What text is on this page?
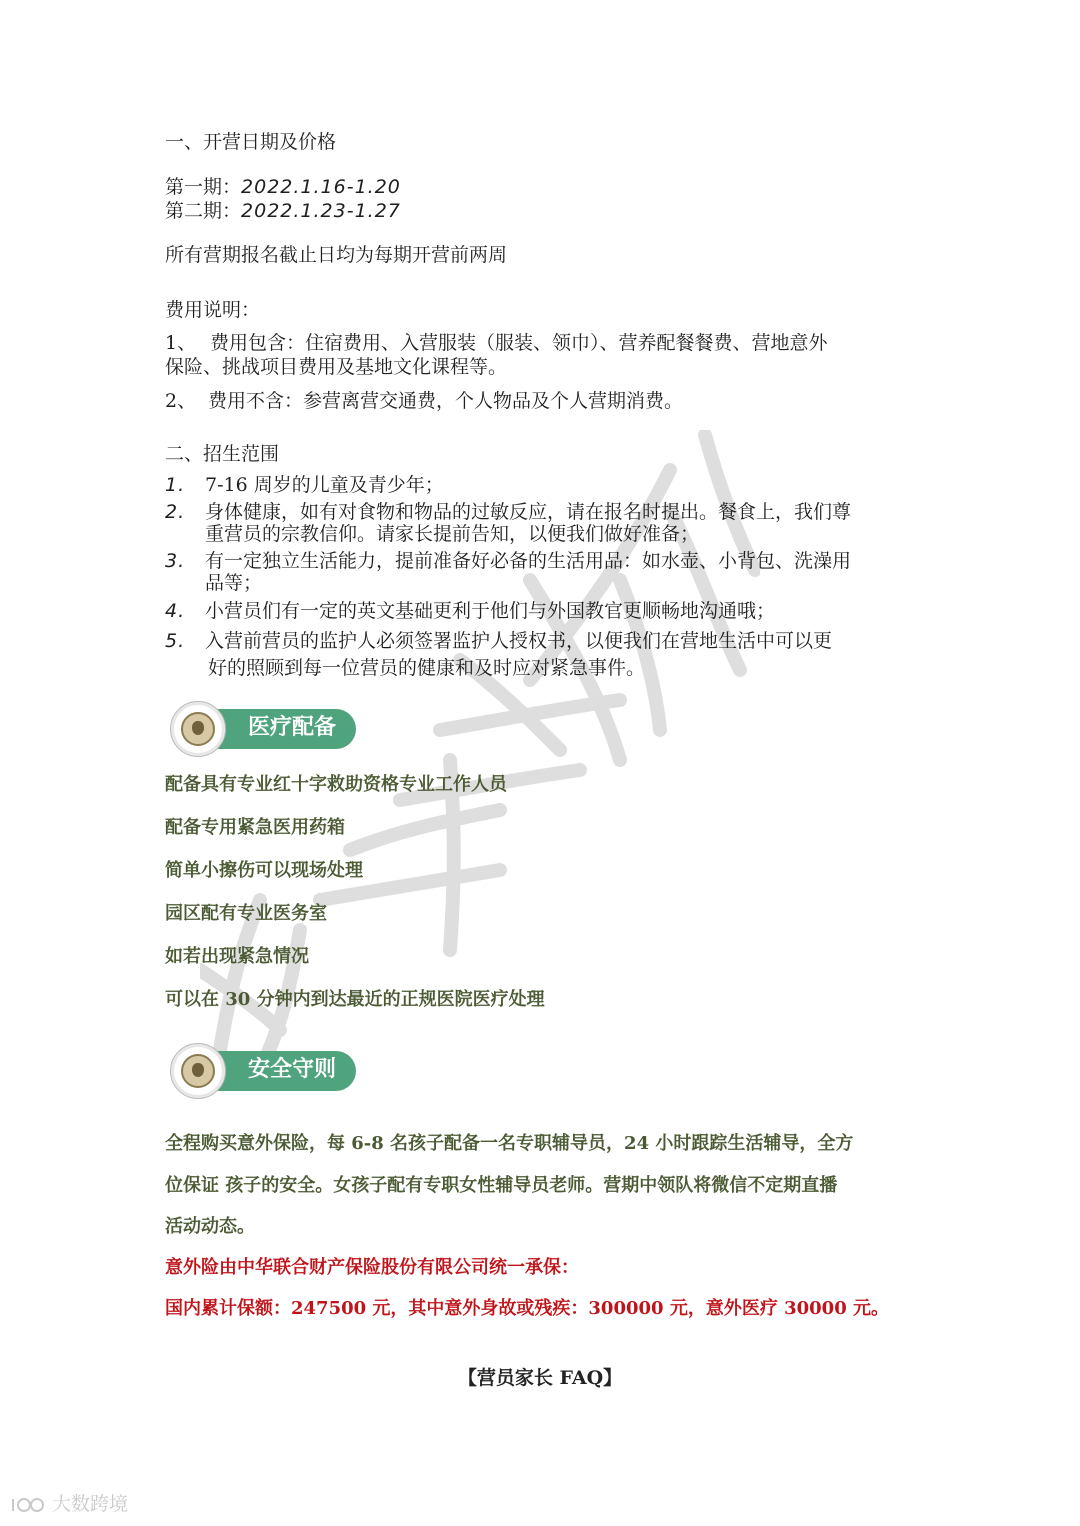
一、开营日期及价格
第一期：2022.1.16-1.20
第二期：2022.1.23-1.27
所有营期报名截止日均为每期开营前两周
费用说明：
1、 费用包含：住宿费用、入营服装（服装、领巾）、营养配餐餐费、营地意外
保险、挑战项目费用及基地文化课程等。
2、 费用不含：参营离营交通费，个人物品及个人营期消费。
二、招生范围
1. 7-16 周岁的儿童及青少年；
2. 身体健康，如有对食物和物品的过敏反应，请在报名时提出。餐食上，我们尊
重营员的宗教信仰。请家长提前告知，以便我们做好准备；
3. 有一定独立生活能力，提前准备好必备的生活用品：如水壶、小背包、洗澡用
品等；
4. 小营员们有一定的英文基础更利于他们与外国教官更顺畅地沟通哦；
5. 入营前营员的监护人必须签署监护人授权书，以便我们在营地生活中可以更
好的照顾到每一位营员的健康和及时应对紧急事件。
医疗配备
配备具有专业红十字救助资格专业工作人员
配备专用紧急医用药箱
简单小擦伤可以现场处理
园区配有专业医务室
如若出现紧急情况
可以在 30 分钟内到达最近的正规医院医疗处理
安全守则
全程购买意外保险，每 6-8 名孩子配备一名专职辅导员，24 小时跟踪生活辅导，全方
位保证 孩子的安全。女孩子配有专职女性辅导员老师。营期中领队将微信不定期直播
活动动态。
意外险由中华联合财产保险股份有限公司统一承保：
国内累计保额：247500 元，其中意外身故或残疾：300000 元，意外医疗 30000 元。
【营员家长 FAQ】
大数跨境
